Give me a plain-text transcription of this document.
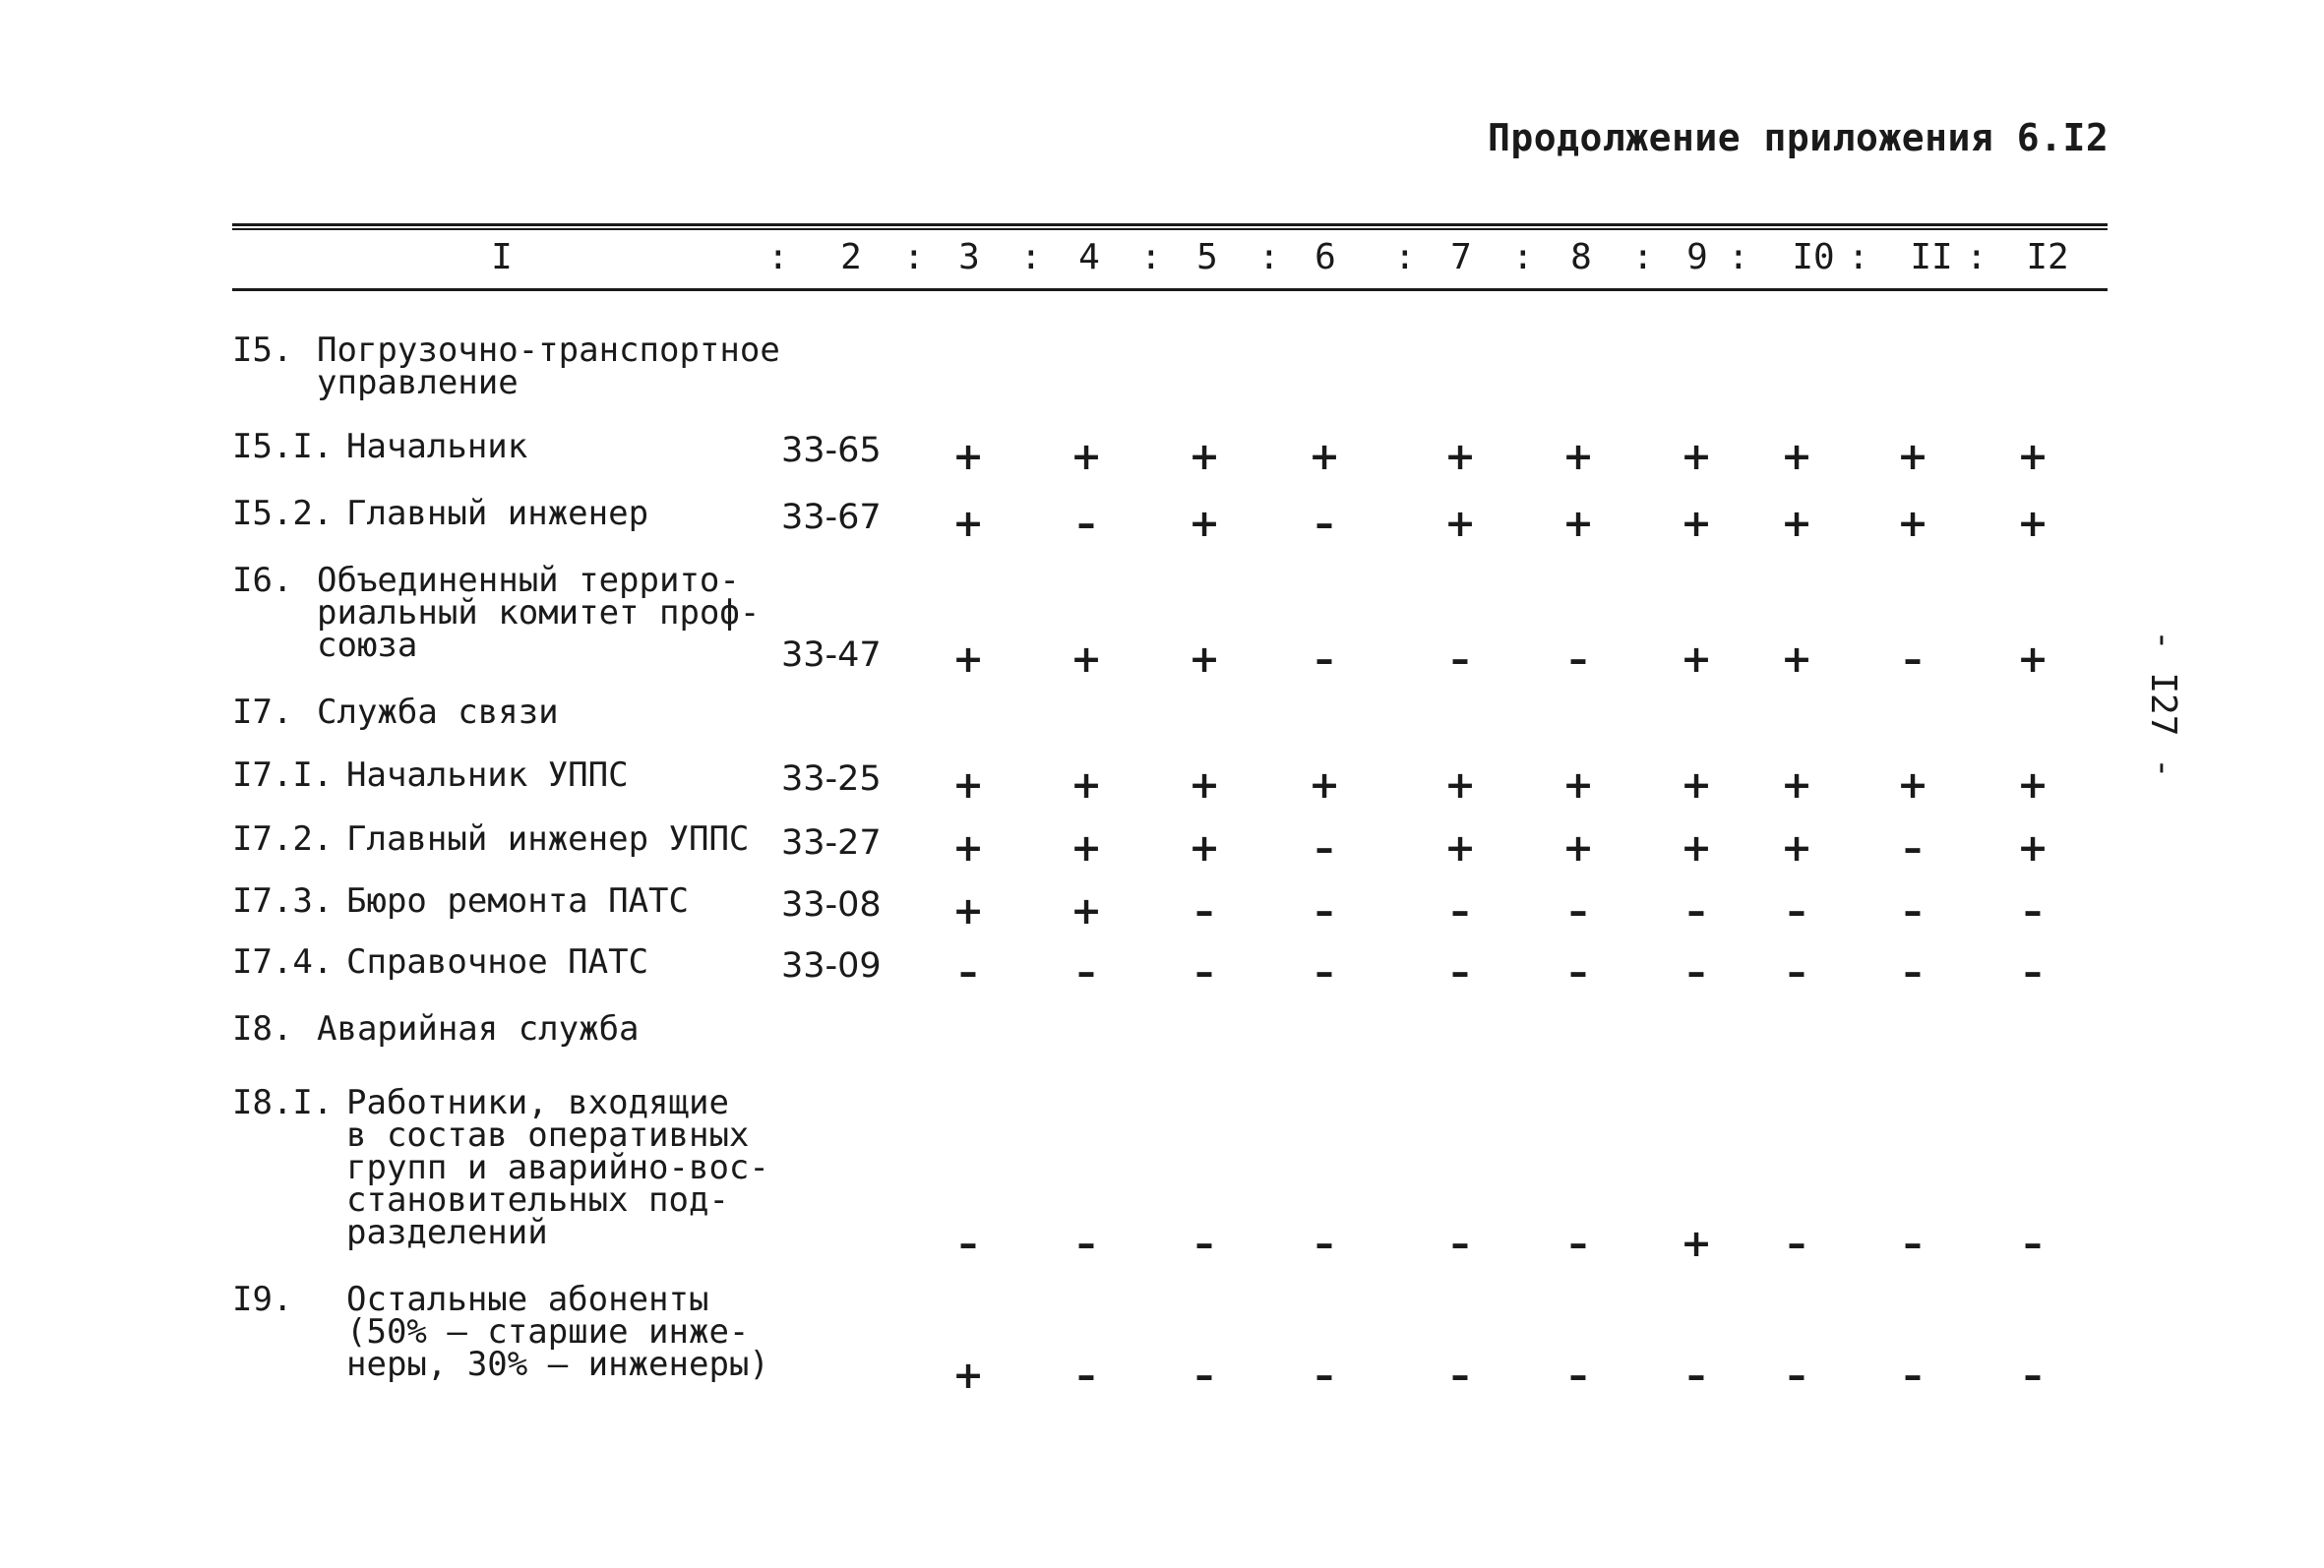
Продолжение приложения 6.I2
I	:	2	: 3	:	4	: 5	: 6	: 7	:	8	: 9 :	I0 :	II :	I2
I5. Погрузочно-транспортное
управление
I5.I. Начальник	33-65	+	+	+	+	+	+	+	+	+	+
I5.2. Главный инженер	33-67	+	–	+	–	+	+	+	+	+	+
I6. Объединенный террито-
риальный комитет проф-
союза	33-47	+	+	+	–	–	–	+	+	–	+
I7. Служба связи
I7.I. Начальник УППС	33-25	+	+	+	+	+	+	+	+	+	+
I7.2. Главный инженер УППС 33-27	+	+	+	–	+	+	+	+	–	+
I7.3. Бюро ремонта ПАТС	33-08	+	+	–	–	–	–	–	–	–	–
I7.4. Справочное ПАТС	33-09	–	–	–	–	–	–	–	–	–	–
I8. Аварийная служба
I8.I. Работники, входящие
в состав оперативных
групп и аварийно-вос-
становительных под-
разделений	–	–	–	–	–	–	+	–	–	–
I9. Остальные абоненты
(50% – старшие инже-
неры, 30% – инженеры)	+	–	–	–	–	–	–	–	–	–
- I27 -
